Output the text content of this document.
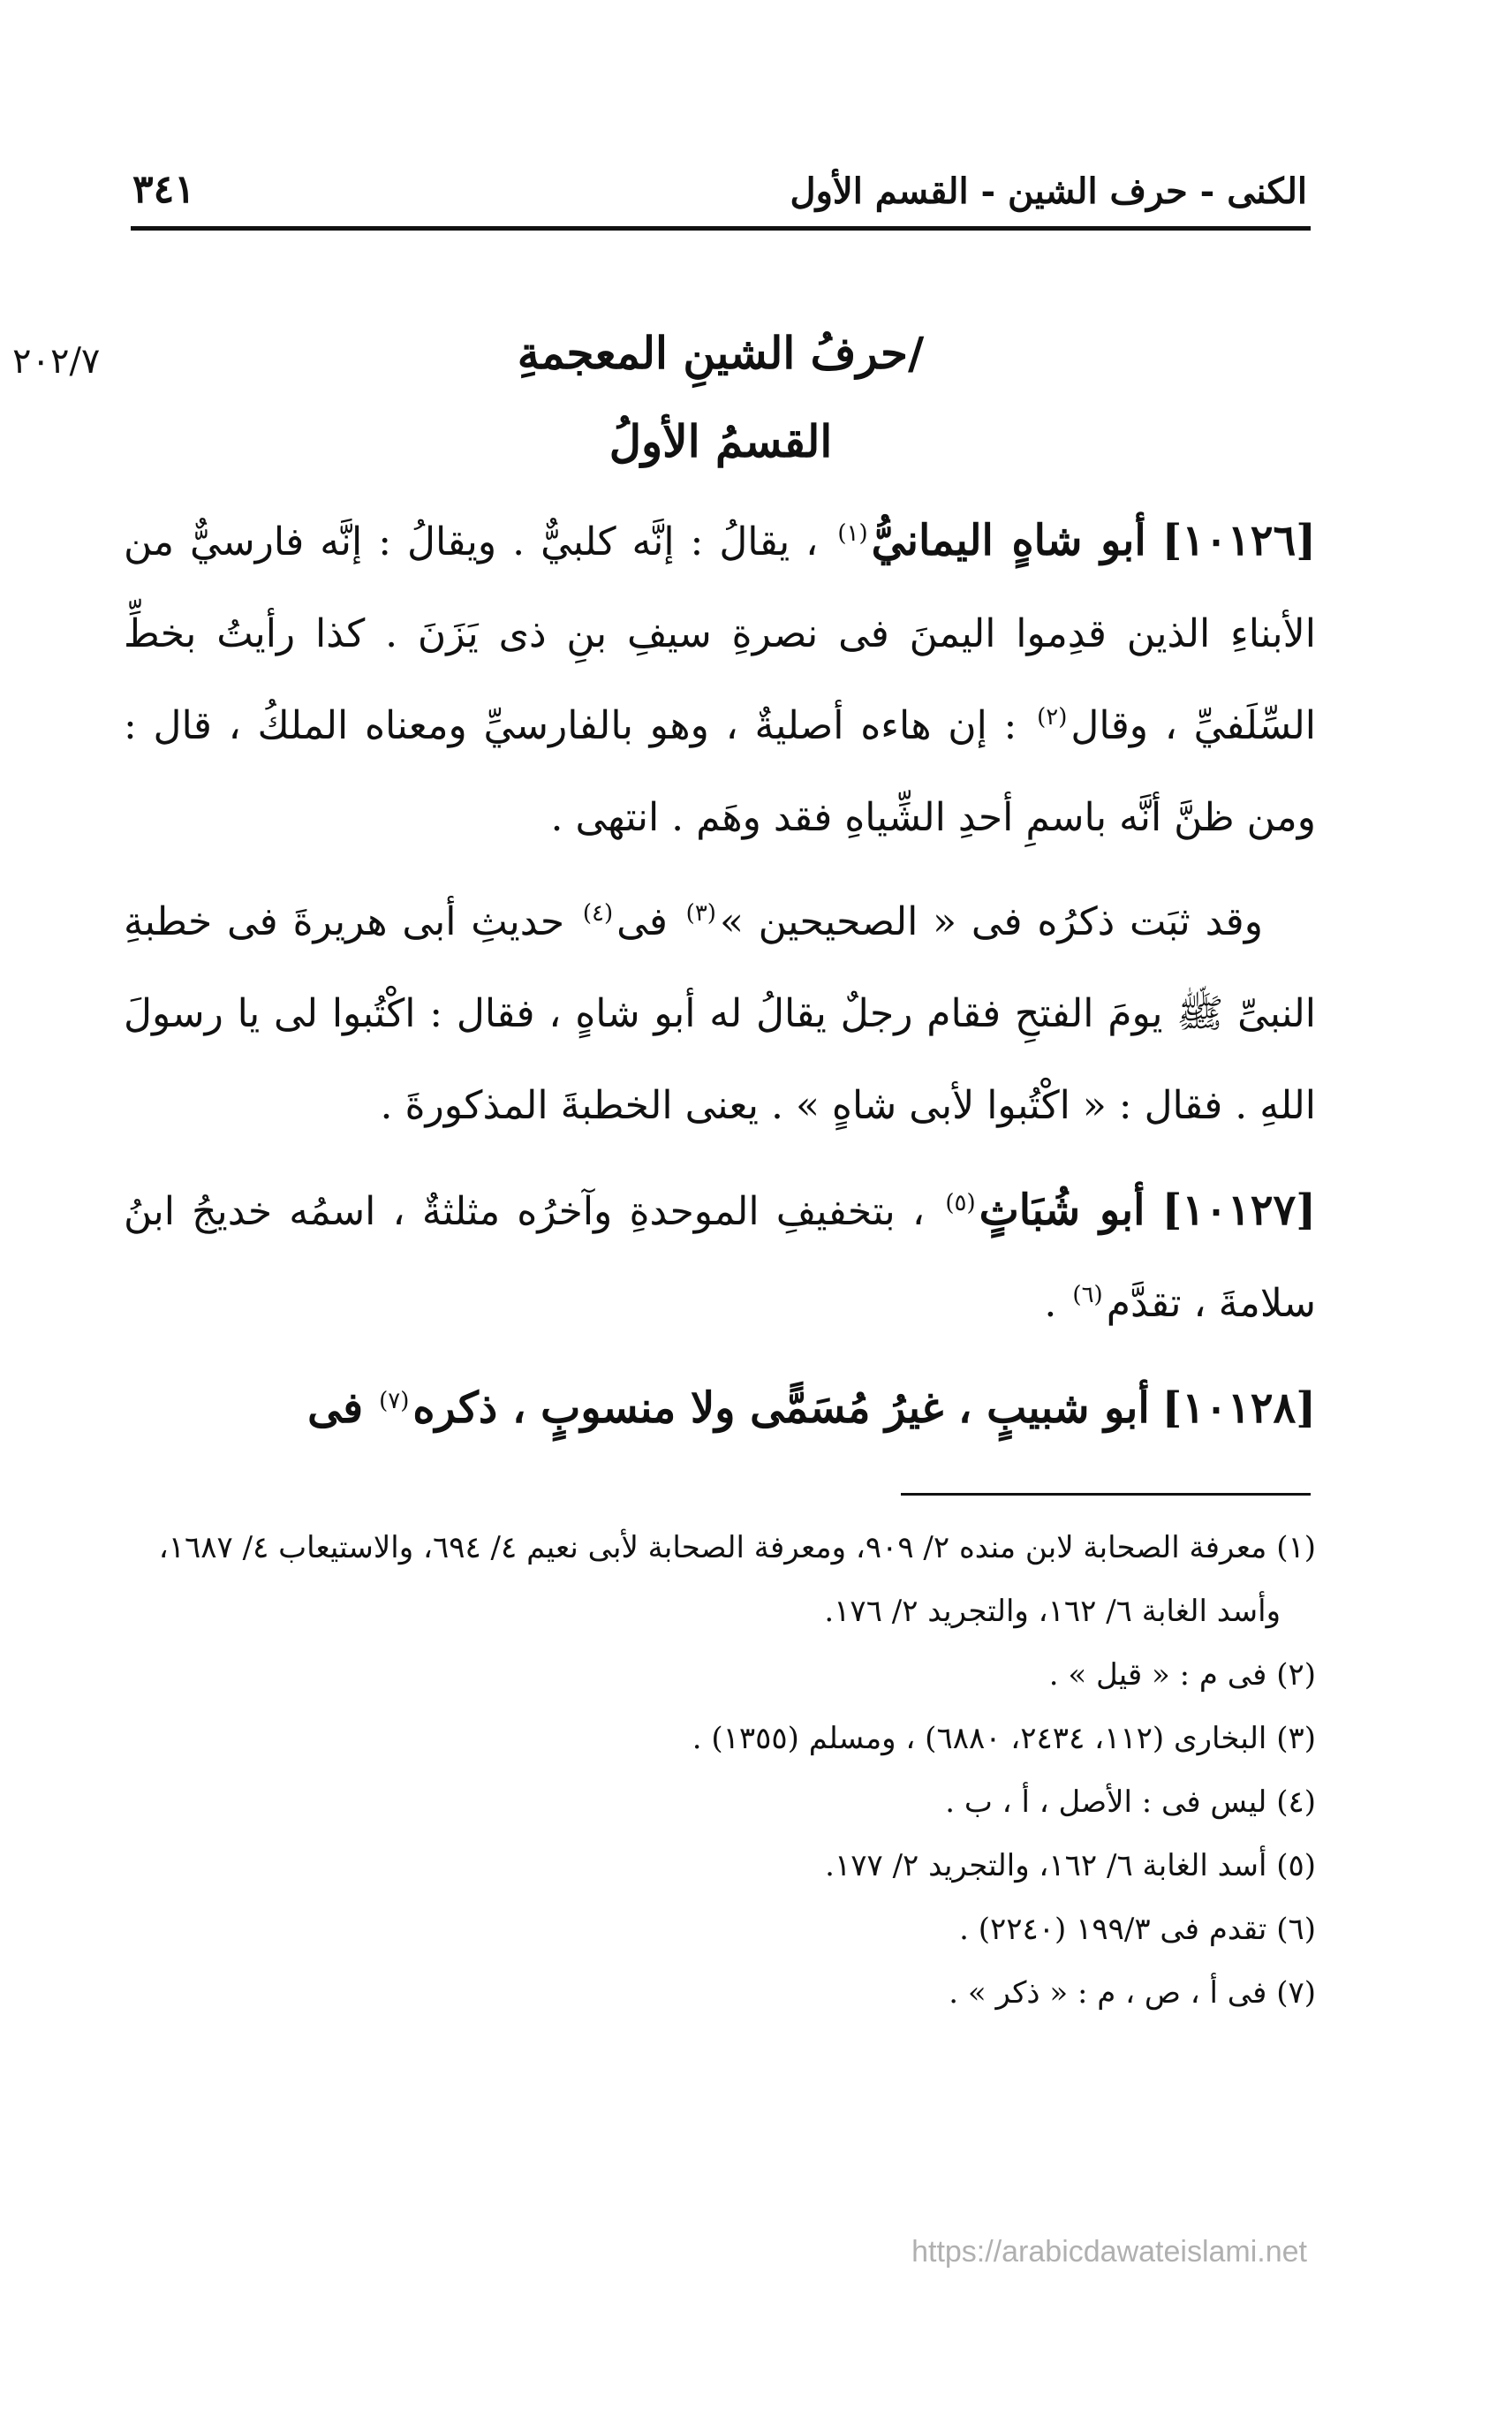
الكنى - حرف الشين - القسم الأول
٣٤١
٢٠٢/٧	/حرفُ الشينِ المعجمةِ
القسمُ الأولُ

[١٠١٢٦] أبو شاهٍ اليمانيُّ$^{(١)}$ ، يقالُ : إنَّه كلبيٌّ . ويقالُ : إنَّه فارسيٌّ من الأبناءِ الذين قدِموا اليمنَ فى نصرةِ سيفِ بنِ ذى يَزَنَ . كذا رأيتُ بخطِّ السِّلَفيِّ ، وقال$^{(٢)}$ : إن هاءه أصليةٌ ، وهو بالفارسيِّ ومعناه الملكُ ، قال : ومن ظنَّ أنَّه باسمِ أحدِ الشِّياهِ فقد وهَم . انتهى .

وقد ثبَت ذكرُه فى « الصحيحين »$^{(٣)}$ فى$^{(٤)}$ حديثِ أبى هريرةَ فى خطبةِ النبىِّ ﷺ يومَ الفتحِ فقام رجلٌ يقالُ له أبو شاهٍ ، فقال : اكْتُبوا لى يا رسولَ اللهِ . فقال : « اكْتُبوا لأبى شاهٍ » . يعنى الخطبةَ المذكورةَ .

[١٠١٢٧] أبو شُبَاثٍ$^{(٥)}$ ، بتخفيفِ الموحدةِ وآخرُه مثلثةٌ ، اسمُه خديجُ ابنُ سلامةَ ، تقدَّم$^{(٦)}$ .

[١٠١٢٨] أبو شبيبٍ ، غيرُ مُسَمًّى ولا منسوبٍ ، ذكره$^{(٧)}$ فى

(١) معرفة الصحابة لابن منده ٢/ ٩٠٩، ومعرفة الصحابة لأبى نعيم ٤/ ٦٩٤، والاستيعاب ٤/ ١٦٨٧،
وأسد الغابة ٦/ ١٦٢، والتجريد ٢/ ١٧٦.

(٢) فى م : « قيل » .

(٣) البخارى (١١٢، ٢٤٣٤، ٦٨٨٠) ، ومسلم (١٣٥٥) .

(٤) ليس فى : الأصل ، أ ، ب .

(٥) أسد الغابة ٦/ ١٦٢، والتجريد ٢/ ١٧٧.

(٦) تقدم فى ١٩٩/٣ (٢٢٤٠) .

(٧) فى أ ، ص ، م : « ذكر » .

https://arabicdawateislami.net
